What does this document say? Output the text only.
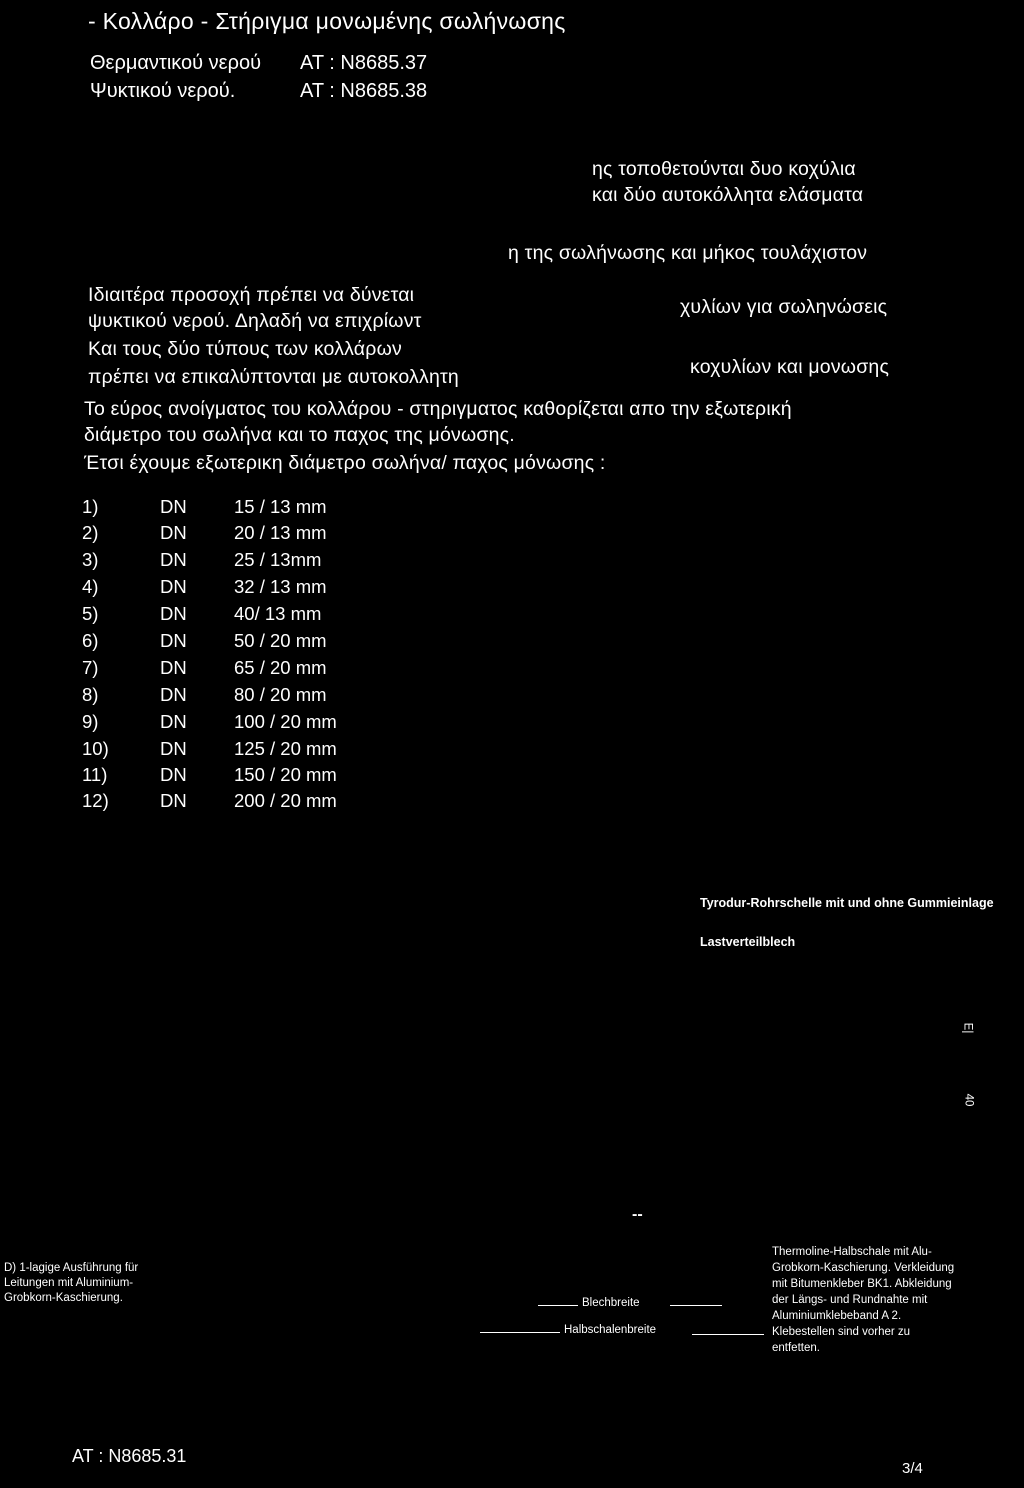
- Κολλάρο - Στήριγμα μονωμένης σωλήνωσης
Θερμαντικού νερού ΑΤ : Ν8685.37
Ψυκτικού νερού.	ΑΤ : Ν8685.38
ης τοποθετούνται δυο κοχύλια
και δύο αυτοκόλλητα ελάσματα
η της σωλήνωσης και μήκος τουλάχιστον
χυλίων για σωληνώσεις
κοχυλίων και μονωσης
Ιδιαιτέρα προσοχή πρέπει να δύνεται
ψυκτικού νερού. Δηλαδή να επιχρίωντ
Και τους δύο τύπους των κολλάρων
πρέπει να επικαλύπτονται με αυτοκολλητη
Το εύρος ανοίγματος του κολλάρου - στηριγματος καθορίζεται απο την εξωτερική
διάμετρο του σωλήνα και το παχος της μόνωσης.
Έτσι έχουμε εξωτερικη διάμετρο σωλήνα/ παχος μόνωσης :
1)	DN	15 / 13 mm
2)	DN	20 / 13 mm
3)	DN	25 / 13mm
4)	DN	32 / 13 mm
5)	DN	40/ 13 mm
6)	DN	50 / 20 mm
7)	DN	65 / 20 mm
8)	DN	80 / 20 mm
9)	DN	100 / 20 mm
10)	DN	125 / 20 mm
11)	DN	150 / 20 mm
12)	DN	200 / 20 mm
Tyrodur-Rohrschelle mit und ohne Gummieinlage
Lastverteilblech
E|
40
--
D) 1-lagige Ausführung für
Leitungen mit Aluminium-
Grobkorn-Kaschierung.
Thermoline-Halbschale mit Alu-
Grobkorn-Kaschierung. Verkleidung
mit Bitumenkleber BK1. Abkleidung
der Längs- und Rundnahte mit
Aluminiumklebeband A 2.
Klebestellen sind vorher zu
entfetten.
Blechbreite
Halbschalenbreite
ΑΤ : Ν8685.31
3/4
